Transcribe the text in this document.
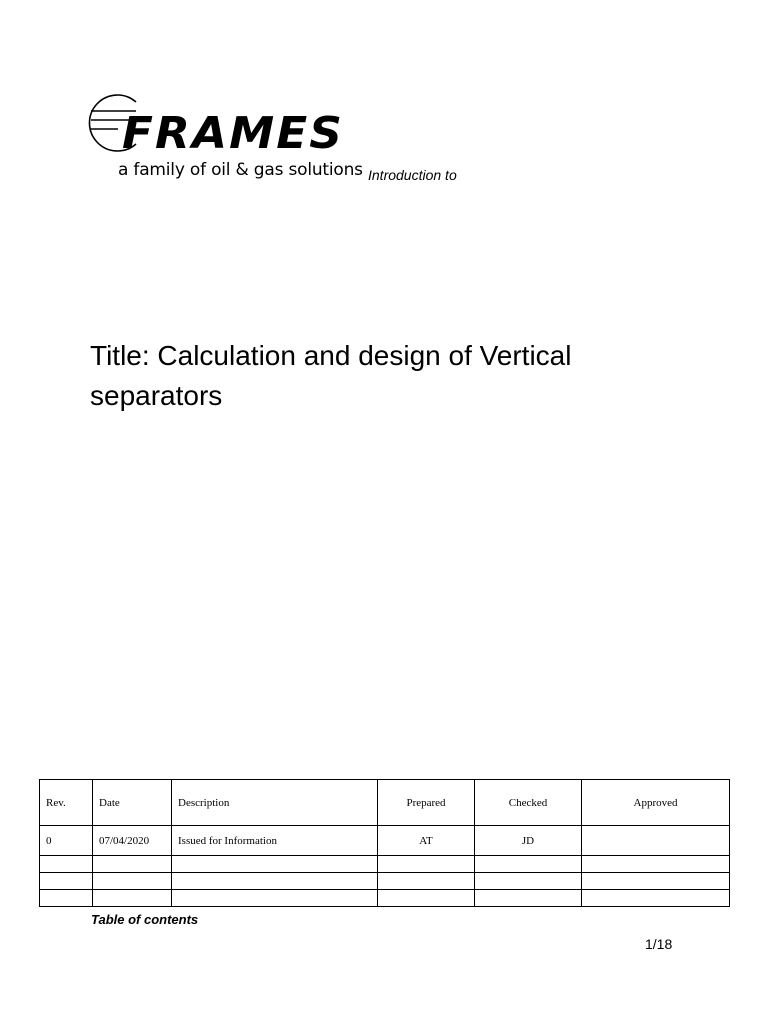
FRAMES
a family of oil & gas solutions Introduction to
Title: Calculation and design of Vertical separators
Rev.	Date	Description	Prepared	Checked	Approved
0	07/04/2020	Issued for Information	AT	JD	

Table of contents
1/18
